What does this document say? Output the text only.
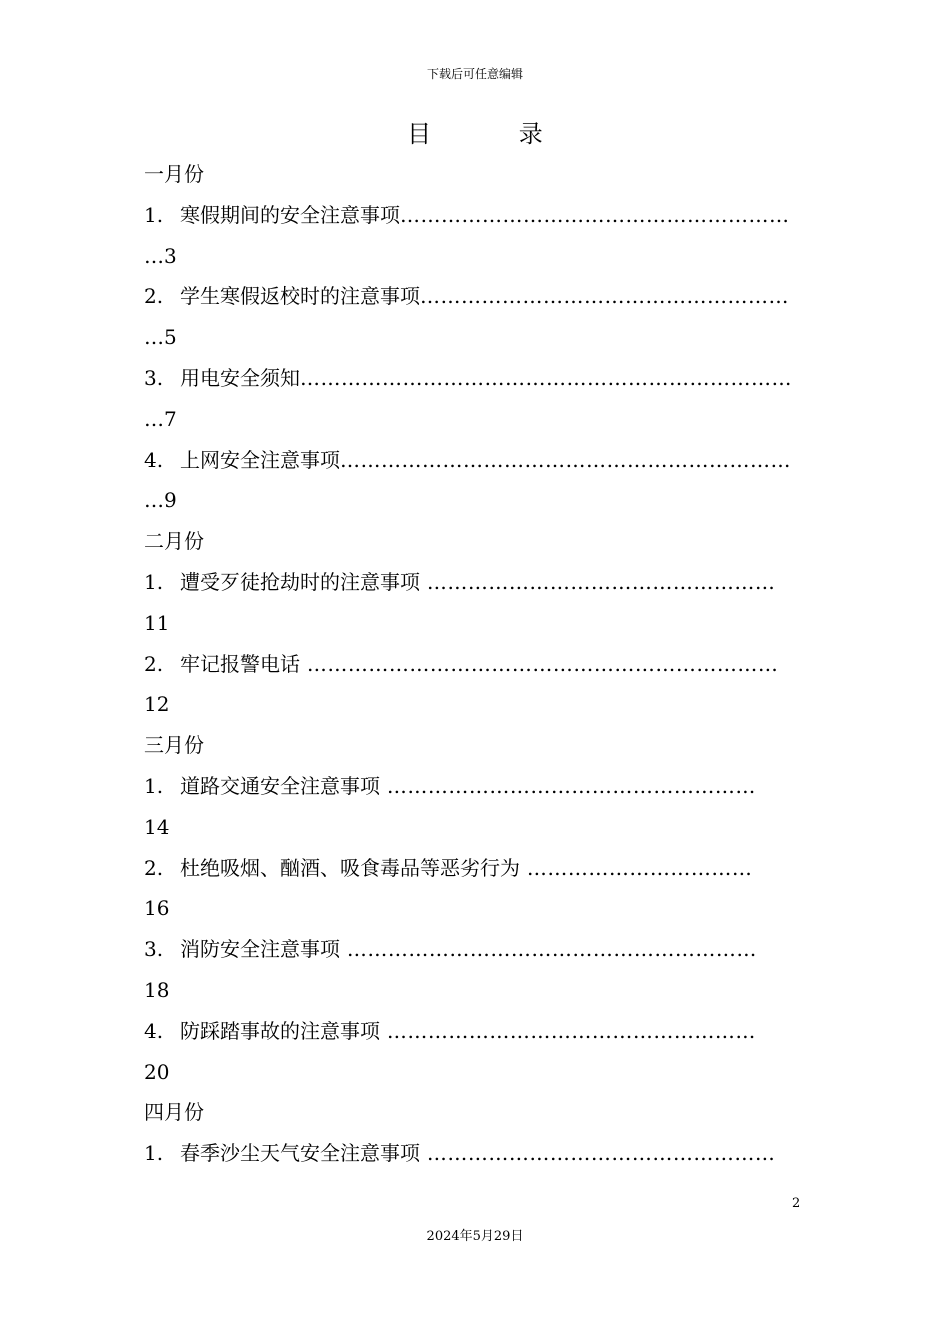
下载后可任意编辑
目 录
一月份
1. 寒假期间的安全注意事项…………………………………………………
…3
2. 学生寒假返校时的注意事项………………………………………………
…5
3. 用电安全须知………………………………………………………………
…7
4. 上网安全注意事项…………………………………………………………
…9
二月份
1. 遭受歹徒抢劫时的注意事项 ……………………………………………
11
2. 牢记报警电话 ……………………………………………………………
12
三月份
1. 道路交通安全注意事项 ………………………………………………
14
2. 杜绝吸烟、酗酒、吸食毒品等恶劣行为 ……………………………
16
3. 消防安全注意事项 ……………………………………………………
18
4. 防踩踏事故的注意事项 ………………………………………………
20
四月份
1. 春季沙尘天气安全注意事项 ……………………………………………
2
2024年5月29日
